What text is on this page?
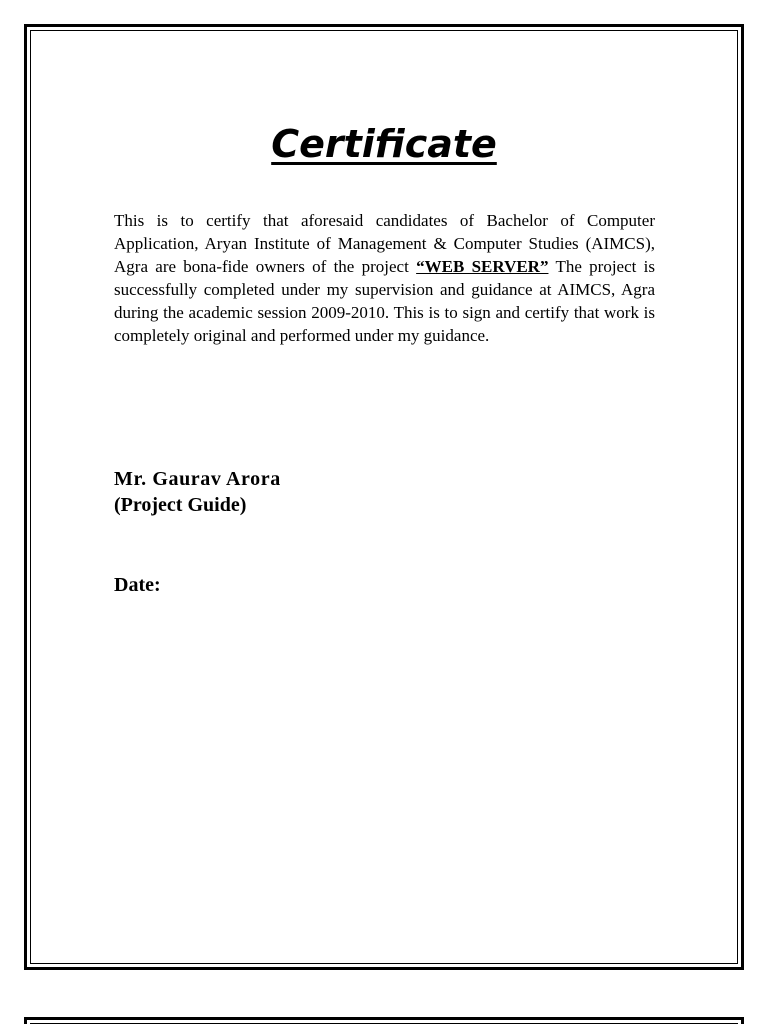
Certificate

This is to certify that aforesaid candidates of Bachelor of Computer Application, Aryan Institute of Management & Computer Studies (AIMCS), Agra are bona-fide owners of the project “WEB SERVER” The project is successfully completed under my supervision and guidance at AIMCS, Agra during the academic session 2009-2010. This is to sign and certify that work is completely original and performed under my guidance.

Mr. Gaurav Arora
(Project Guide)
Date:
